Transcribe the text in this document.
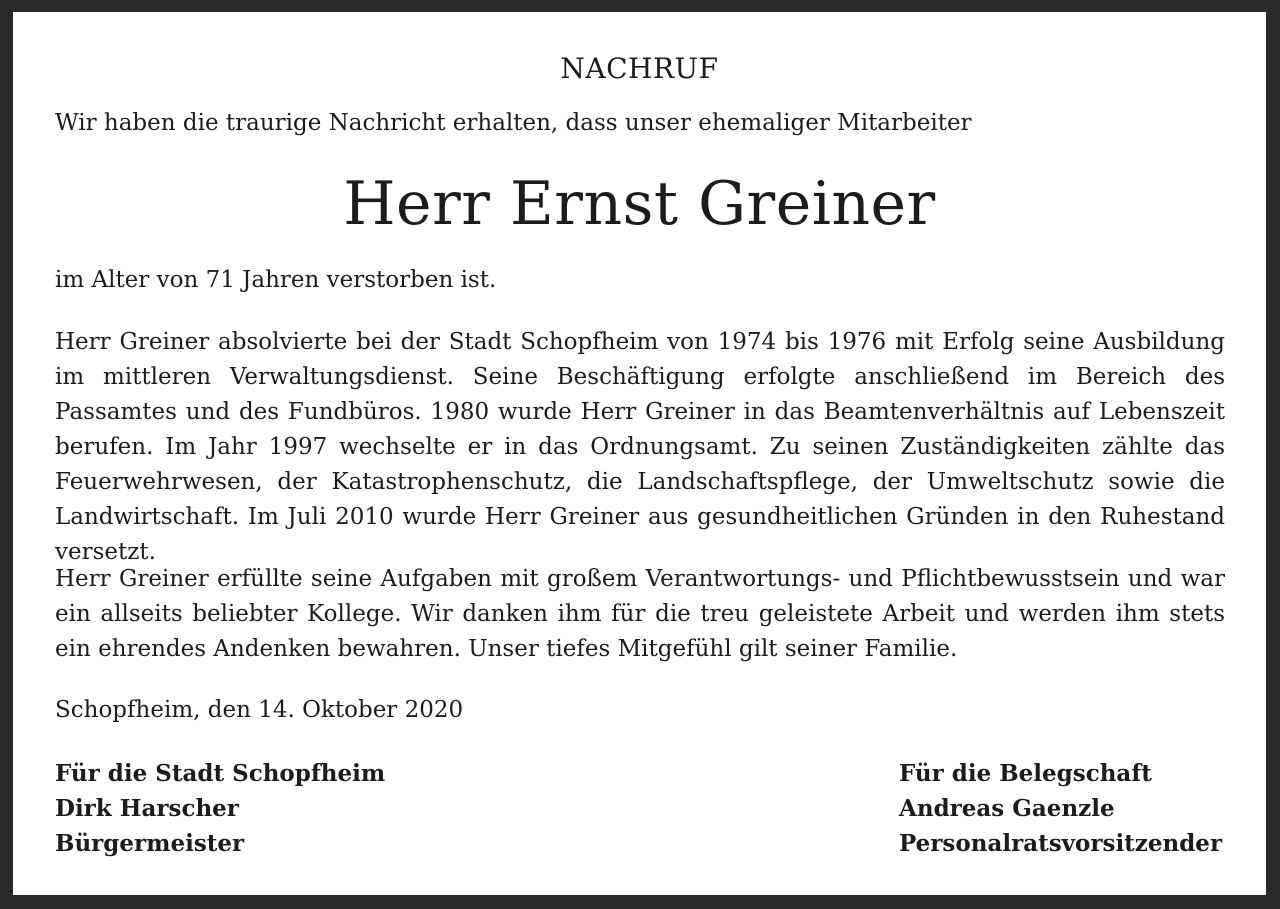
NACHRUF
Wir haben die traurige Nachricht erhalten, dass unser ehemaliger Mitarbeiter
Herr Ernst Greiner
im Alter von 71 Jahren verstorben ist.
Herr Greiner absolvierte bei der Stadt Schopfheim von 1974 bis 1976 mit Erfolg seine Ausbildung im mittleren Verwaltungsdienst. Seine Beschäftigung erfolgte anschließend im Bereich des Passamtes und des Fundbüros. 1980 wurde Herr Greiner in das Beamtenverhältnis auf Lebenszeit berufen. Im Jahr 1997 wechselte er in das Ordnungsamt. Zu seinen Zuständigkeiten zählte das Feuerwehrwesen, der Katastrophenschutz, die Landschaftspflege, der Umweltschutz sowie die Landwirtschaft. Im Juli 2010 wurde Herr Greiner aus gesundheitlichen Gründen in den Ruhestand versetzt.
Herr Greiner erfüllte seine Aufgaben mit großem Verantwortungs- und Pflichtbewusstsein und war ein allseits beliebter Kollege. Wir danken ihm für die treu geleistete Arbeit und werden ihm stets ein ehrendes Andenken bewahren. Unser tiefes Mitgefühl gilt seiner Familie.
Schopfheim, den 14. Oktober 2020
Für die Stadt Schopfheim
Dirk Harscher
Bürgermeister
Für die Belegschaft
Andreas Gaenzle
Personalratsvorsitzender
